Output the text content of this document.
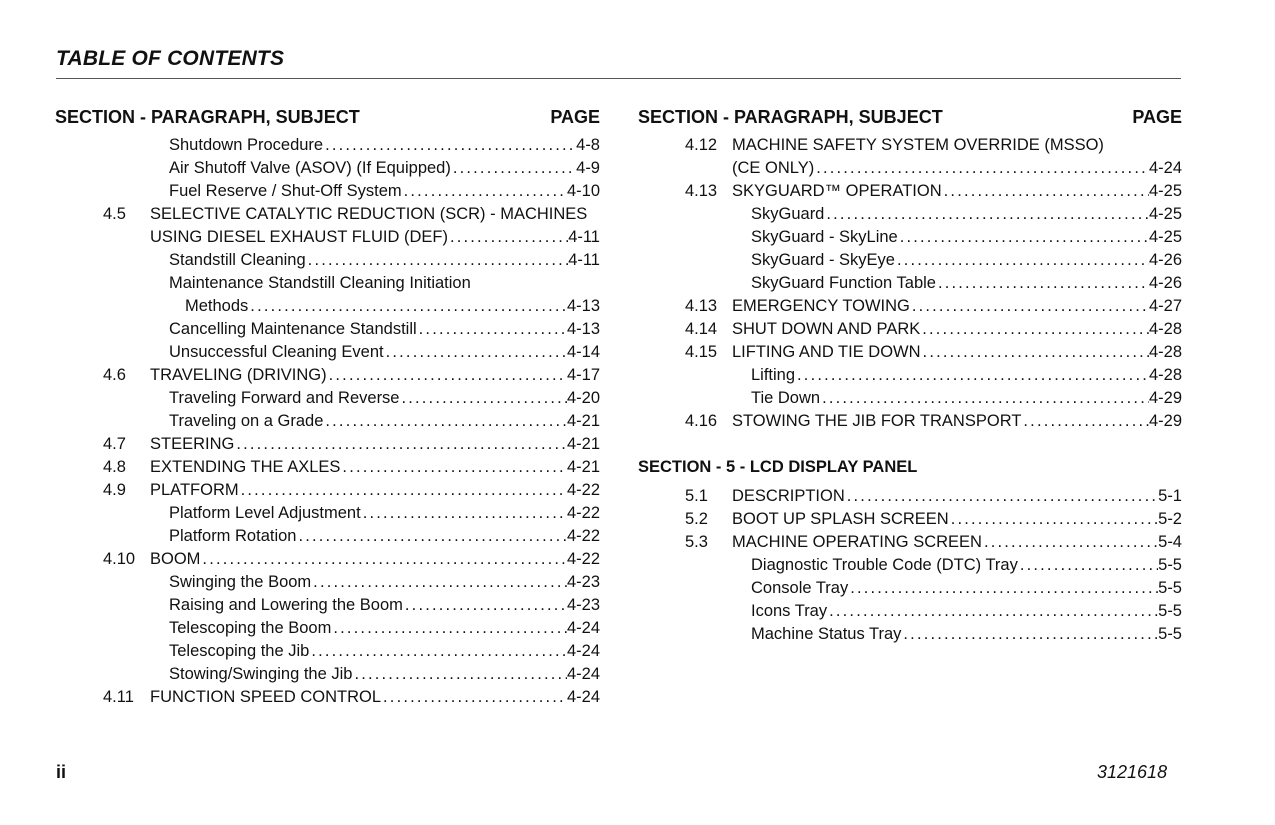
TABLE OF CONTENTS
SECTION - PARAGRAPH, SUBJECT	PAGE
Shutdown Procedure . . .	4-8
Air Shutoff Valve (ASOV) (If Equipped) . . .	4-9
Fuel Reserve / Shut-Off System . . .	4-10
4.5 SELECTIVE CATALYTIC REDUCTION (SCR) - MACHINES
USING DIESEL EXHAUST FLUID (DEF) . . .	4-11
Standstill Cleaning . . .	4-11
Maintenance Standstill Cleaning Initiation
Methods . . .	4-13
Cancelling Maintenance Standstill . . .	4-13
Unsuccessful Cleaning Event . . .	4-14
4.6 TRAVELING (DRIVING) . . .	4-17
Traveling Forward and Reverse . . .	4-20
Traveling on a Grade . . .	4-21
4.7 STEERING . . .	4-21
4.8 EXTENDING THE AXLES . . .	4-21
4.9 PLATFORM . . .	4-22
Platform Level Adjustment . . .	4-22
Platform Rotation . . .	4-22
4.10 BOOM . . .	4-22
Swinging the Boom . . .	4-23
Raising and Lowering the Boom . . .	4-23
Telescoping the Boom . . .	4-24
Telescoping the Jib . . .	4-24
Stowing/Swinging the Jib . . .	4-24
4.11 FUNCTION SPEED CONTROL . . .	4-24
SECTION - PARAGRAPH, SUBJECT	PAGE
4.12 MACHINE SAFETY SYSTEM OVERRIDE (MSSO)
(CE ONLY) . . .	4-24
4.13 SKYGUARD™ OPERATION . . .	4-25
SkyGuard . . .	4-25
SkyGuard - SkyLine . . .	4-25
SkyGuard - SkyEye . . .	4-26
SkyGuard Function Table . . .	4-26
4.13 EMERGENCY TOWING . . .	4-27
4.14 SHUT DOWN AND PARK . . .	4-28
4.15 LIFTING AND TIE DOWN . . .	4-28
Lifting . . .	4-28
Tie Down . . .	4-29
4.16 STOWING THE JIB FOR TRANSPORT . . .	4-29
SECTION - 5 - LCD DISPLAY PANEL
5.1 DESCRIPTION . . .	5-1
5.2 BOOT UP SPLASH SCREEN . . .	5-2
5.3 MACHINE OPERATING SCREEN . . .	5-4
Diagnostic Trouble Code (DTC) Tray . . .	5-5
Console Tray . . .	5-5
Icons Tray . . .	5-5
Machine Status Tray . . .	5-5
ii	3121618
